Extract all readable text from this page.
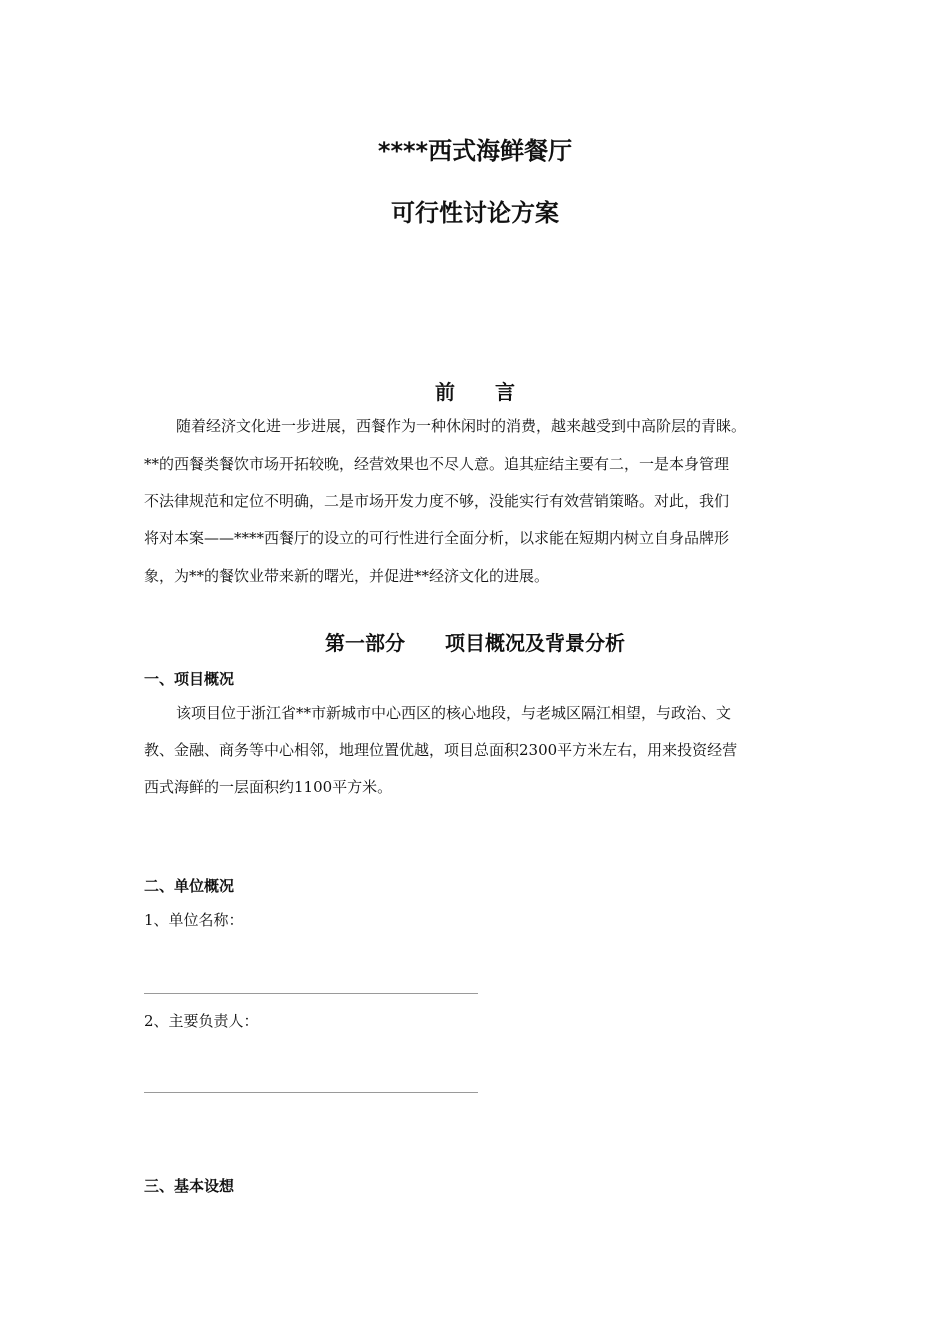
****西式海鲜餐厅
可行性讨论方案
前　　言
随着经济文化进一步进展，西餐作为一种休闲时的消费，越来越受到中高阶层的青睐。
**的西餐类餐饮市场开拓较晚，经营效果也不尽人意。追其症结主要有二，一是本身管理
不法律规范和定位不明确，二是市场开发力度不够，没能实行有效营销策略。对此，我们
将对本案——****西餐厅的设立的可行性进行全面分析，以求能在短期内树立自身品牌形
象，为**的餐饮业带来新的曙光，并促进**经济文化的进展。
第一部分　　项目概况及背景分析
一、项目概况
该项目位于浙江省**市新城市中心西区的核心地段，与老城区隔江相望，与政治、文
教、金融、商务等中心相邻，地理位置优越，项目总面积2300平方米左右，用来投资经营
西式海鲜的一层面积约1100平方米。
二、单位概况
1、单位名称：
2、主要负责人：
三、基本设想
